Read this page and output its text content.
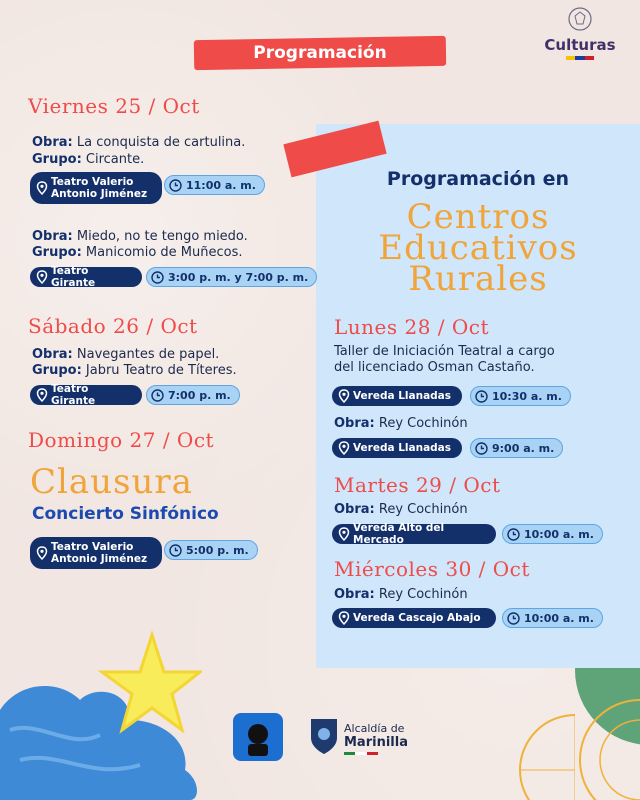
Programación	Culturas
Viernes 25 / Oct
Obra: La conquista de cartulina.
Grupo: Circante.
Teatro Valerio
Antonio Jiménez
11:00 a. m.
Obra: Miedo, no te tengo miedo.
Grupo: Manicomio de Muñecos.
Teatro Girante	3:00 p. m. y 7:00 p. m.
Sábado 26 / Oct
Obra: Navegantes de papel.
Grupo: Jabru Teatro de Títeres.
Teatro Girante	7:00 p. m.
Domingo 27 / Oct
Clausura
Concierto Sinfónico
Teatro Valerio
Antonio Jiménez
5:00 p. m.
Programación en
Centros
Educativos
Rurales
Lunes 28 / Oct
Taller de Iniciación Teatral a cargo
del licenciado Osman Castaño.
Vereda Llanadas	10:30 a. m.
Obra: Rey Cochinón
Vereda Llanadas	9:00 a. m.
Martes 29 / Oct
Obra: Rey Cochinón
Vereda Alto del Mercado	10:00 a. m.
Miércoles 30 / Oct
Obra: Rey Cochinón
Vereda Cascajo Abajo	10:00 a. m.
Alcaldía de
Marinilla
